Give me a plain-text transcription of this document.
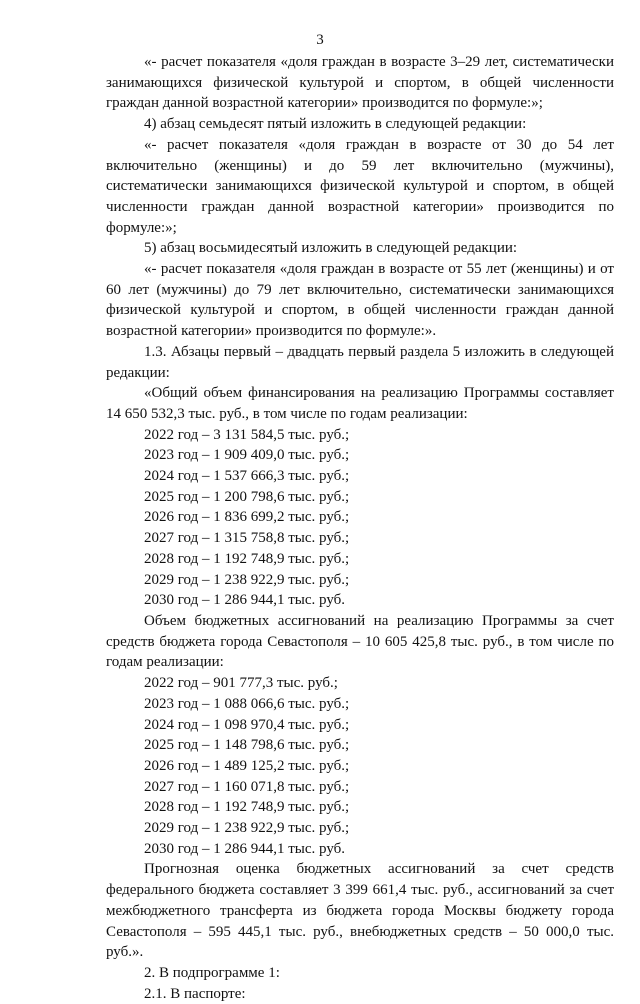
3

«- расчет показателя «доля граждан в возрасте 3–29 лет, систематически занимающихся физической культурой и спортом, в общей численности граждан данной возрастной категории» производится по формуле:»;

4) абзац семьдесят пятый изложить в следующей редакции:

«- расчет показателя «доля граждан в возрасте от 30 до 54 лет включительно (женщины) и до 59 лет включительно (мужчины), систематически занимающихся физической культурой и спортом, в общей численности граждан данной возрастной категории» производится по формуле:»;

5) абзац восьмидесятый изложить в следующей редакции:

«- расчет показателя «доля граждан в возрасте от 55 лет (женщины) и от 60 лет (мужчины) до 79 лет включительно, систематически занимающихся физической культурой и спортом, в общей численности граждан данной возрастной категории» производится по формуле:».

1.3. Абзацы первый – двадцать первый раздела 5 изложить в следующей редакции:

«Общий объем финансирования на реализацию Программы составляет 14 650 532,3 тыс. руб., в том числе по годам реализации:

2022 год – 3 131 584,5 тыс. руб.;

2023 год – 1 909 409,0 тыс. руб.;

2024 год – 1 537 666,3 тыс. руб.;

2025 год – 1 200 798,6 тыс. руб.;

2026 год – 1 836 699,2 тыс. руб.;

2027 год – 1 315 758,8 тыс. руб.;

2028 год – 1 192 748,9 тыс. руб.;

2029 год – 1 238 922,9 тыс. руб.;

2030 год – 1 286 944,1 тыс. руб.

Объем бюджетных ассигнований на реализацию Программы за счет средств бюджета города Севастополя – 10 605 425,8 тыс. руб., в том числе по годам реализации:

2022 год – 901 777,3 тыс. руб.;

2023 год – 1 088 066,6 тыс. руб.;

2024 год – 1 098 970,4 тыс. руб.;

2025 год – 1 148 798,6 тыс. руб.;

2026 год – 1 489 125,2 тыс. руб.;

2027 год – 1 160 071,8 тыс. руб.;

2028 год – 1 192 748,9 тыс. руб.;

2029 год – 1 238 922,9 тыс. руб.;

2030 год – 1 286 944,1 тыс. руб.

Прогнозная оценка бюджетных ассигнований за счет средств федерального бюджета составляет 3 399 661,4 тыс. руб., ассигнований за счет межбюджетного трансферта из бюджета города Москвы бюджету города Севастополя – 595 445,1 тыс. руб., внебюджетных средств – 50 000,0 тыс. руб.».

2. В подпрограмме 1:

2.1. В паспорте:
